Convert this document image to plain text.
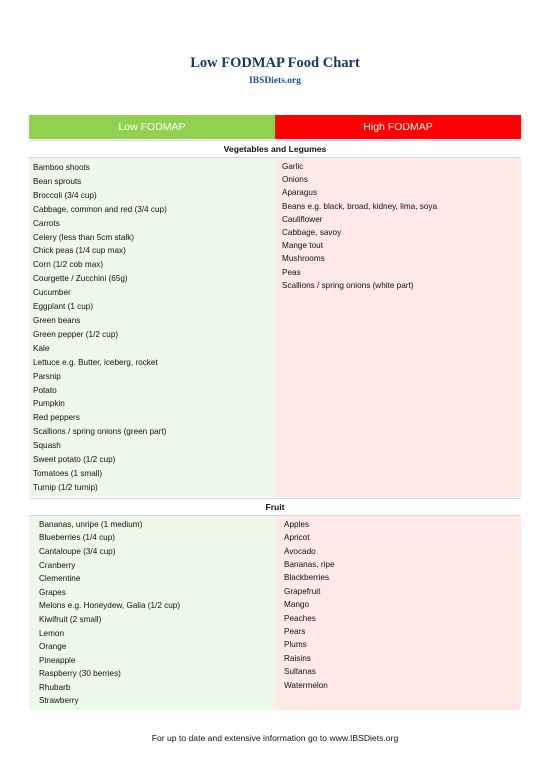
Low FODMAP Food Chart
IBSDiets.org
Low FODMAP	High FODMAP
Vegetables and Legumes
Bamboo shoots
Bean sprouts
Broccoli (3/4 cup)
Cabbage, common and red (3/4 cup)
Carrots
Celery (less than 5cm stalk)
Chick peas (1/4 cup max)
Corn (1/2 cob max)
Courgette / Zucchini (65g)
Cucumber
Eggplant (1 cup)
Green beans
Green pepper (1/2 cup)
Kale
Lettuce e.g. Butter, iceberg, rocket
Parsnip
Potato
Pumpkin
Red peppers
Scallions / spring onions (green part)
Squash
Sweet potato (1/2 cup)
Tomatoes (1 small)
Turnip (1/2 turnip)
Garlic
Onions
Aparagus
Beans e.g. black, broad, kidney, lima, soya
Cauliflower
Cabbage, savoy
Mange tout
Mushrooms
Peas
Scallions / spring onions (white part)
Fruit
Bananas, unripe (1 medium)
Blueberries (1/4 cup)
Cantaloupe (3/4 cup)
Cranberry
Clementine
Grapes
Melons e.g. Honeydew, Galia (1/2 cup)
Kiwifruit (2 small)
Lemon
Orange
Pineapple
Raspberry (30 berries)
Rhubarb
Strawberry
Apples
Apricot
Avocado
Bananas, ripe
Blackberries
Grapefruit
Mango
Peaches
Pears
Plums
Raisins
Sultanas
Watermelon
For up to date and extensive information go to www.IBSDiets.org
